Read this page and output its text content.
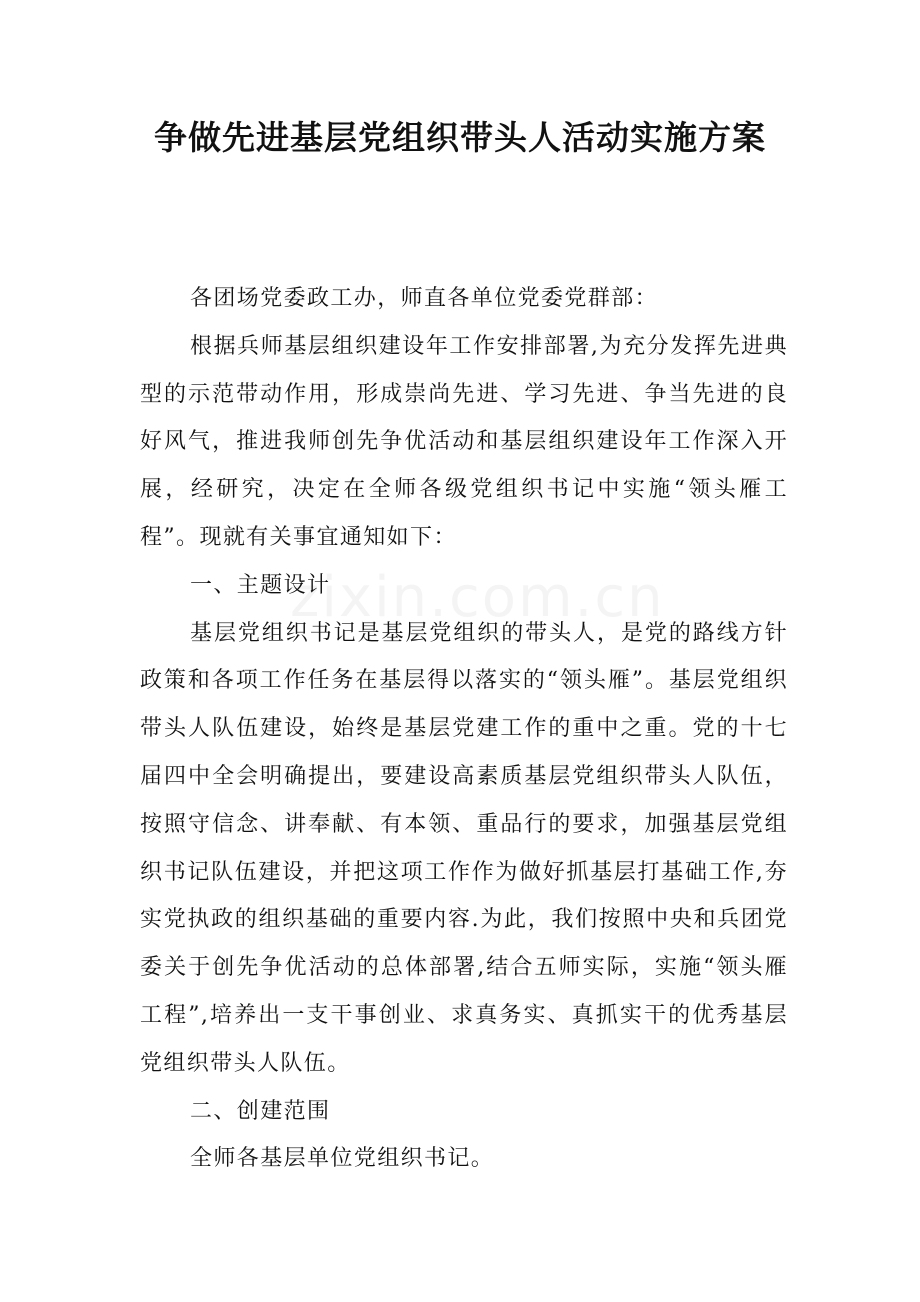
争做先进基层党组织带头人活动实施方案

各团场党委政工办，师直各单位党委党群部：

根据兵师基层组织建设年工作安排部署,为充分发挥先进典型的示范带动作用，形成崇尚先进、学习先进、争当先进的良好风气，推进我师创先争优活动和基层组织建设年工作深入开展，经研究，决定在全师各级党组织书记中实施“领头雁工程”。现就有关事宜通知如下：

一、主题设计

基层党组织书记是基层党组织的带头人，是党的路线方针政策和各项工作任务在基层得以落实的“领头雁”。基层党组织带头人队伍建设，始终是基层党建工作的重中之重。党的十七届四中全会明确提出，要建设高素质基层党组织带头人队伍，按照守信念、讲奉献、有本领、重品行的要求，加强基层党组织书记队伍建设，并把这项工作作为做好抓基层打基础工作,夯实党执政的组织基础的重要内容.为此，我们按照中央和兵团党委关于创先争优活动的总体部署,结合五师实际，实施“领头雁工程”,培养出一支干事创业、求真务实、真抓实干的优秀基层党组织带头人队伍。

二、创建范围

全师各基层单位党组织书记。
